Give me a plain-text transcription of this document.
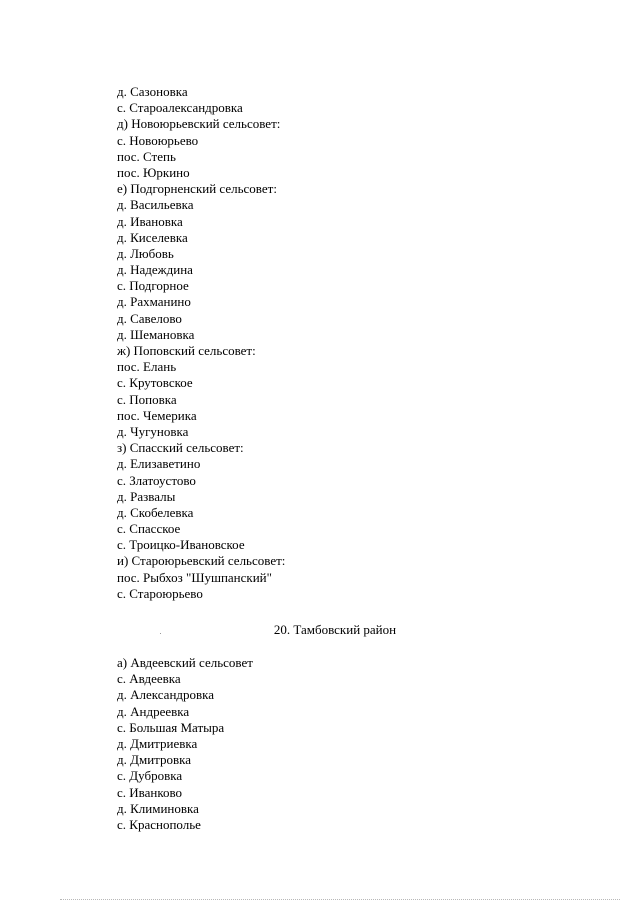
д. Сазоновка
с. Староалександровка
д) Новоюрьевский сельсовет:
с. Новоюрьево
пос. Степь
пос. Юркино
е) Подгорненский сельсовет:
д. Васильевка
д. Ивановка
д. Киселевка
д. Любовь
д. Надеждина
с. Подгорное
д. Рахманино
д. Савелово
д. Шемановка
ж) Поповский сельсовет:
пос. Елань
с. Крутовское
с. Поповка
пос. Чемерика
д. Чугуновка
з) Спасский сельсовет:
д. Елизаветино
с. Златоустово
д. Развалы
д. Скобелевка
с. Спасское
с. Троицко-Ивановское
и) Староюрьевский сельсовет:
пос. Рыбхоз "Шушпанский"
с. Староюрьево
20. Тамбовский район
а) Авдеевский сельсовет
с. Авдеевка
д. Александровка
д. Андреевка
с. Большая Матыра
д. Дмитриевка
д. Дмитровка
с. Дубровка
с. Иванково
д. Климиновка
с. Краснополье
